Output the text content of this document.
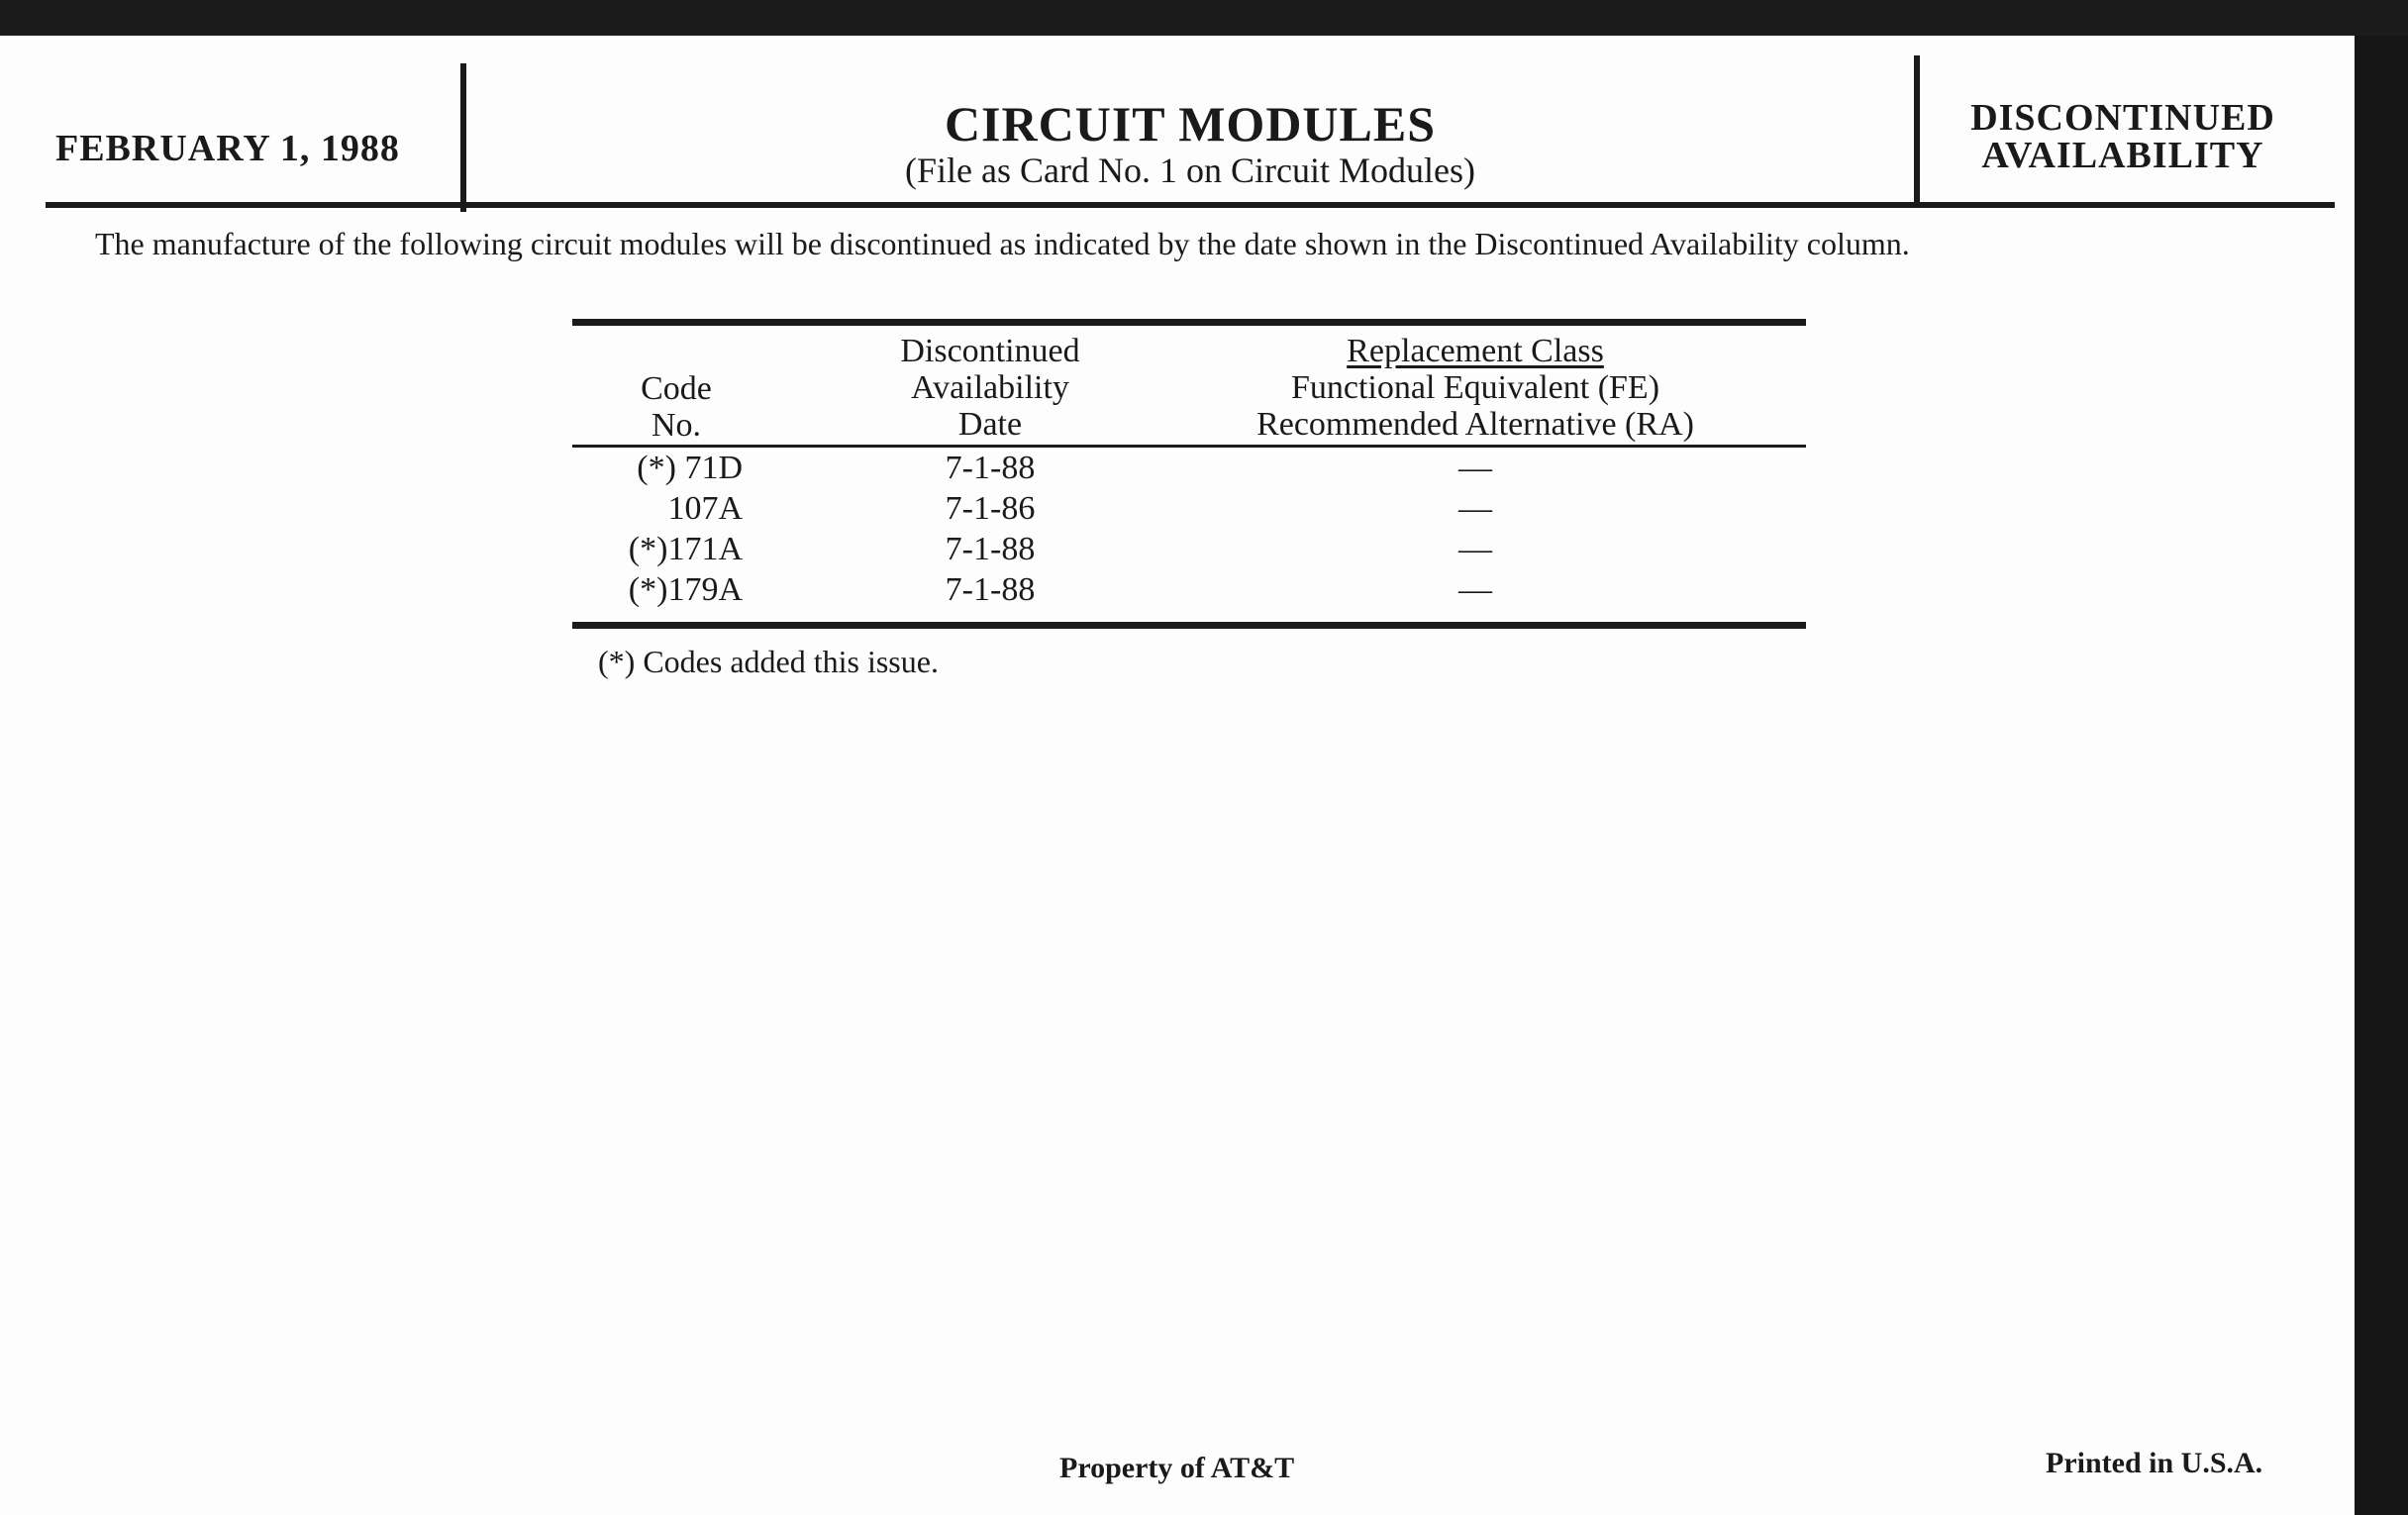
FEBRUARY 1, 1988	CIRCUIT MODULES
(File as Card No. 1 on Circuit Modules)
DISCONTINUED
AVAILABILITY
The manufacture of the following circuit modules will be discontinued as indicated by the date shown in the Discontinued Availability column.
Code
No.
Discontinued
Availability
Date
Replacement Class
Functional Equivalent (FE)
Recommended Alternative (RA)
(*) 71D	7-1-88	—
107A	7-1-86	—
(*)171A	7-1-88	—
(*)179A	7-1-88	—
(*) Codes added this issue.
Property of AT&T	Printed in U.S.A.
